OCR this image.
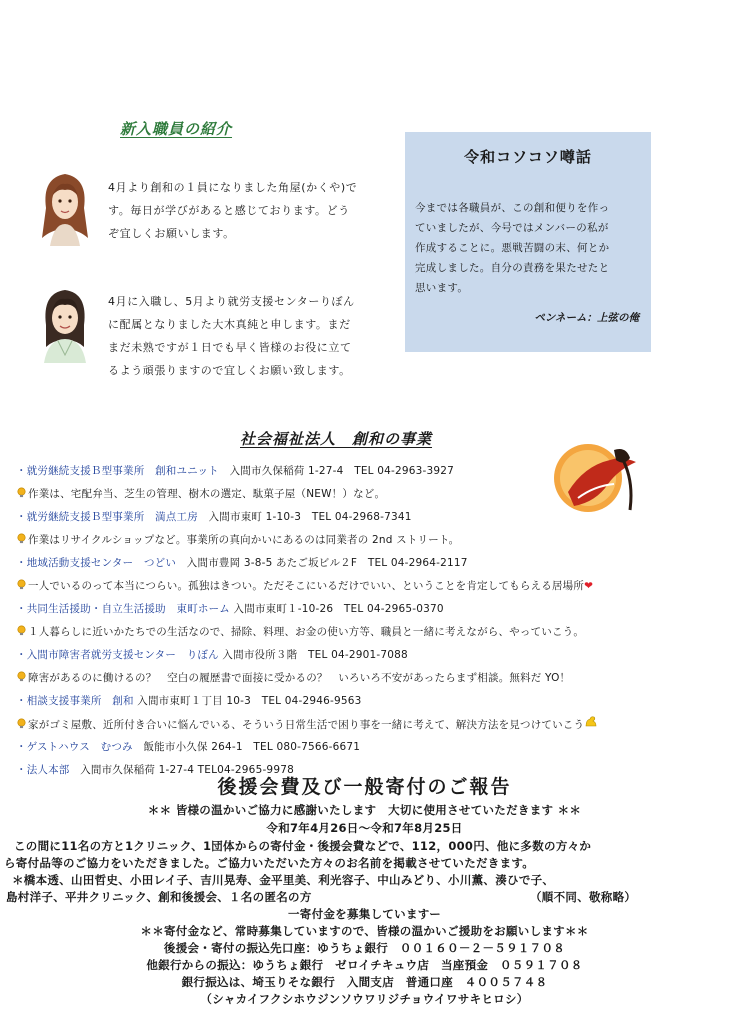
新入職員の紹介
4月より創和の１員になりました角屋(かくや)で
す。毎日が学びがあると感じております。どう
ぞ宜しくお願いします。
4月に入職し、5月より就労支援センターりぼん
に配属となりました大木真純と申します。まだ
まだ未熟ですが１日でも早く皆様のお役に立て
るよう頑張りますので宜しくお願い致します。
令和コソコソ噂話
今までは各職員が、この創和便りを作っ
ていましたが、今号ではメンバーの私が
作成することに。悪戦苦闘の末、何とか
完成しました。自分の責務を果たせたと
思います。
ペンネーム：上弦の俺
社会福祉法人　創和の事業
・就労継続支援Ｂ型事業所　創和ユニット　入間市久保稲荷 1-27-4　TEL 04-2963-3927
作業は、宅配弁当、芝生の管理、樹木の選定、駄菓子屋（NEW！）など。
・就労継続支援Ｂ型事業所　満点工房　入間市東町 1-10-3　TEL 04-2968-7341
作業はリサイクルショップなど。事業所の真向かいにあるのは同業者の 2nd ストリート。
・地域活動支援センター　つどい　入間市豊岡 3-8-5 あたご坂ビル２F　TEL 04-2964-2117
一人でいるのって本当につらい。孤独はきつい。ただそこにいるだけでいい、ということを肯定してもらえる居場所❤
・共同生活援助・自立生活援助　東町ホーム 入間市東町１‐10-26　TEL 04-2965-0370
１人暮らしに近いかたちでの生活なので、掃除、料理、お金の使い方等、職員と一緒に考えながら、やっていこう。
・入間市障害者就労支援センター　りぼん 入間市役所３階　TEL 04-2901-7088
障害があるのに働けるの？　空白の履歴書で面接に受かるの？　いろいろ不安があったらまず相談。無料だ YO！
・相談支援事業所　創和 入間市東町１丁目 10-3　TEL 04-2946-9563
家がゴミ屋敷、近所付き合いに悩んでいる、そういう日常生活で困り事を一緒に考えて、解決方法を見つけていこう
・ゲストハウス　むつみ　飯能市小久保 264-1　TEL 080-7566-6671
・法人本部　入間市久保稲荷 1-27-4 TEL04-2965-9978
後援会費及び一般寄付のご報告
＊＊ 皆様の温かいご協力に感謝いたします　大切に使用させていただきます ＊＊
令和7年4月26日～令和7年8月25日
この間に11名の方と1クリニック、1団体からの寄付金・後援会費などで、112，000円、他に多数の方々か
ら寄付品等のご協力をいただきました。ご協力いただいた方々のお名前を掲載させていただきます。
＊橋本透、山田哲史、小田レイ子、吉川晃寿、金平里美、利光容子、中山みどり、小川薫、湊ひで子、
島村洋子、平井クリニック、創和後援会、１名の匿名の方	（順不同、敬称略）
一寄付金を募集していますー
＊＊寄付金など、常時募集していますので、皆様の温かいご援助をお願いします＊＊
後援会・寄付の振込先口座：ゆうちょ銀行　００１６０－２－５９１７０８
他銀行からの振込：ゆうちょ銀行　ゼロイチキュウ店　当座預金　０５９１７０８
銀行振込は、埼玉りそな銀行　入間支店　普通口座　４００５７４８
（シャカイフクシホウジンソウワリジチョウイワサキヒロシ）
